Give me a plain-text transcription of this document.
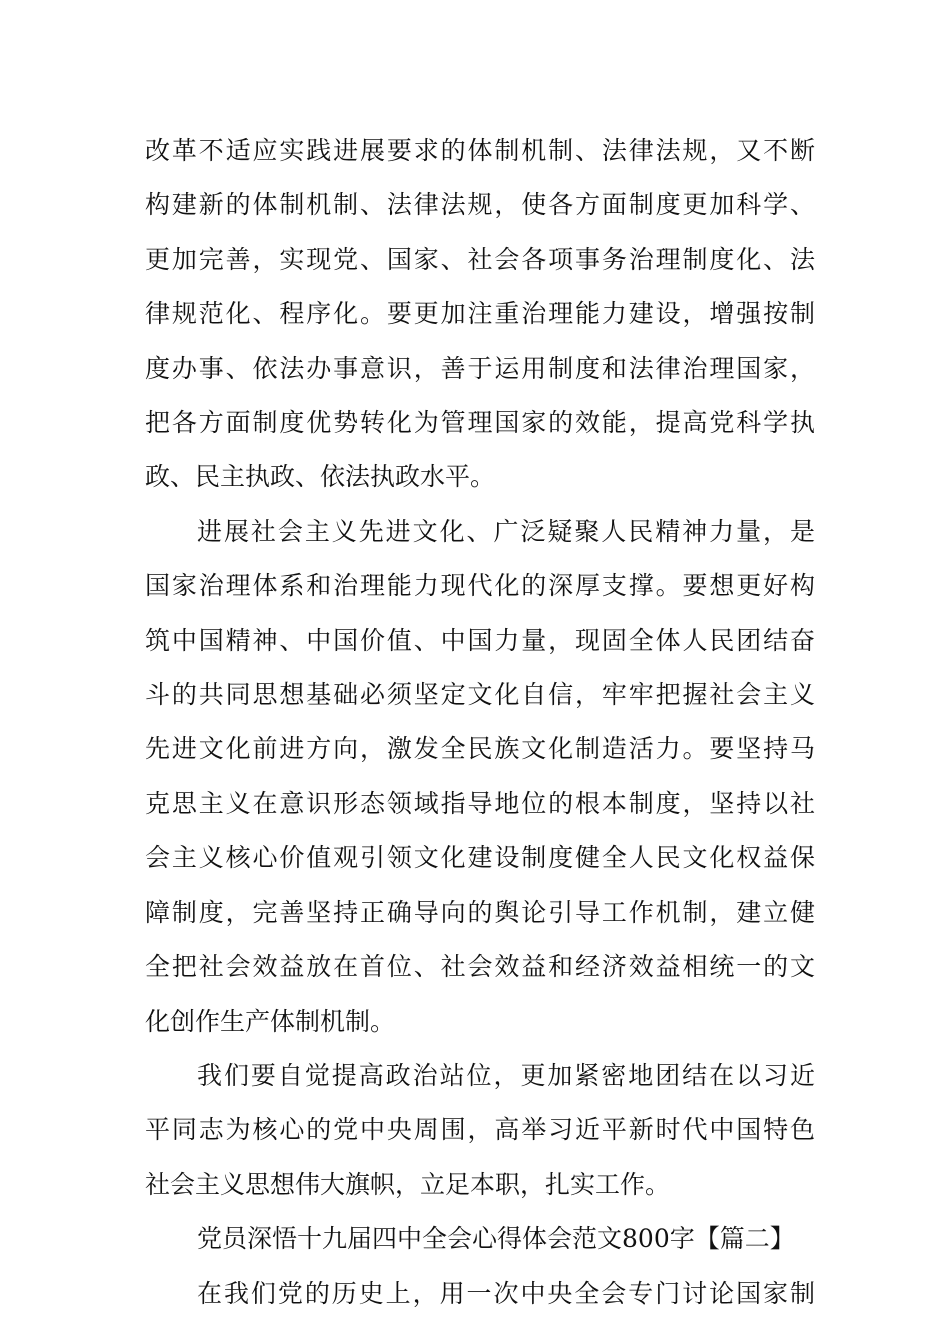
改革不适应实践进展要求的体制机制、法律法规，又不断
构建新的体制机制、法律法规，使各方面制度更加科学、
更加完善，实现党、国家、社会各项事务治理制度化、法
律规范化、程序化。要更加注重治理能力建设，增强按制
度办事、依法办事意识，善于运用制度和法律治理国家，
把各方面制度优势转化为管理国家的效能，提高党科学执
政、民主执政、依法执政水平。

进展社会主义先进文化、广泛疑聚人民精神力量，是
国家治理体系和治理能力现代化的深厚支撑。要想更好构
筑中国精神、中国价值、中国力量，现固全体人民团结奋
斗的共同思想基础必须坚定文化自信，牢牢把握社会主义
先进文化前进方向，激发全民族文化制造活力。要坚持马
克思主义在意识形态领域指导地位的根本制度，坚持以社
会主义核心价值观引领文化建设制度健全人民文化权益保
障制度，完善坚持正确导向的舆论引导工作机制，建立健
全把社会效益放在首位、社会效益和经济效益相统一的文
化创作生产体制机制。

我们要自觉提高政治站位，更加紧密地团结在以习近
平同志为核心的党中央周围，高举习近平新时代中国特色
社会主义思想伟大旗帜，立足本职，扎实工作。

党员深悟十九届四中全会心得体会范文800字【篇二】

在我们党的历史上，用一次中央全会专门讨论国家制
